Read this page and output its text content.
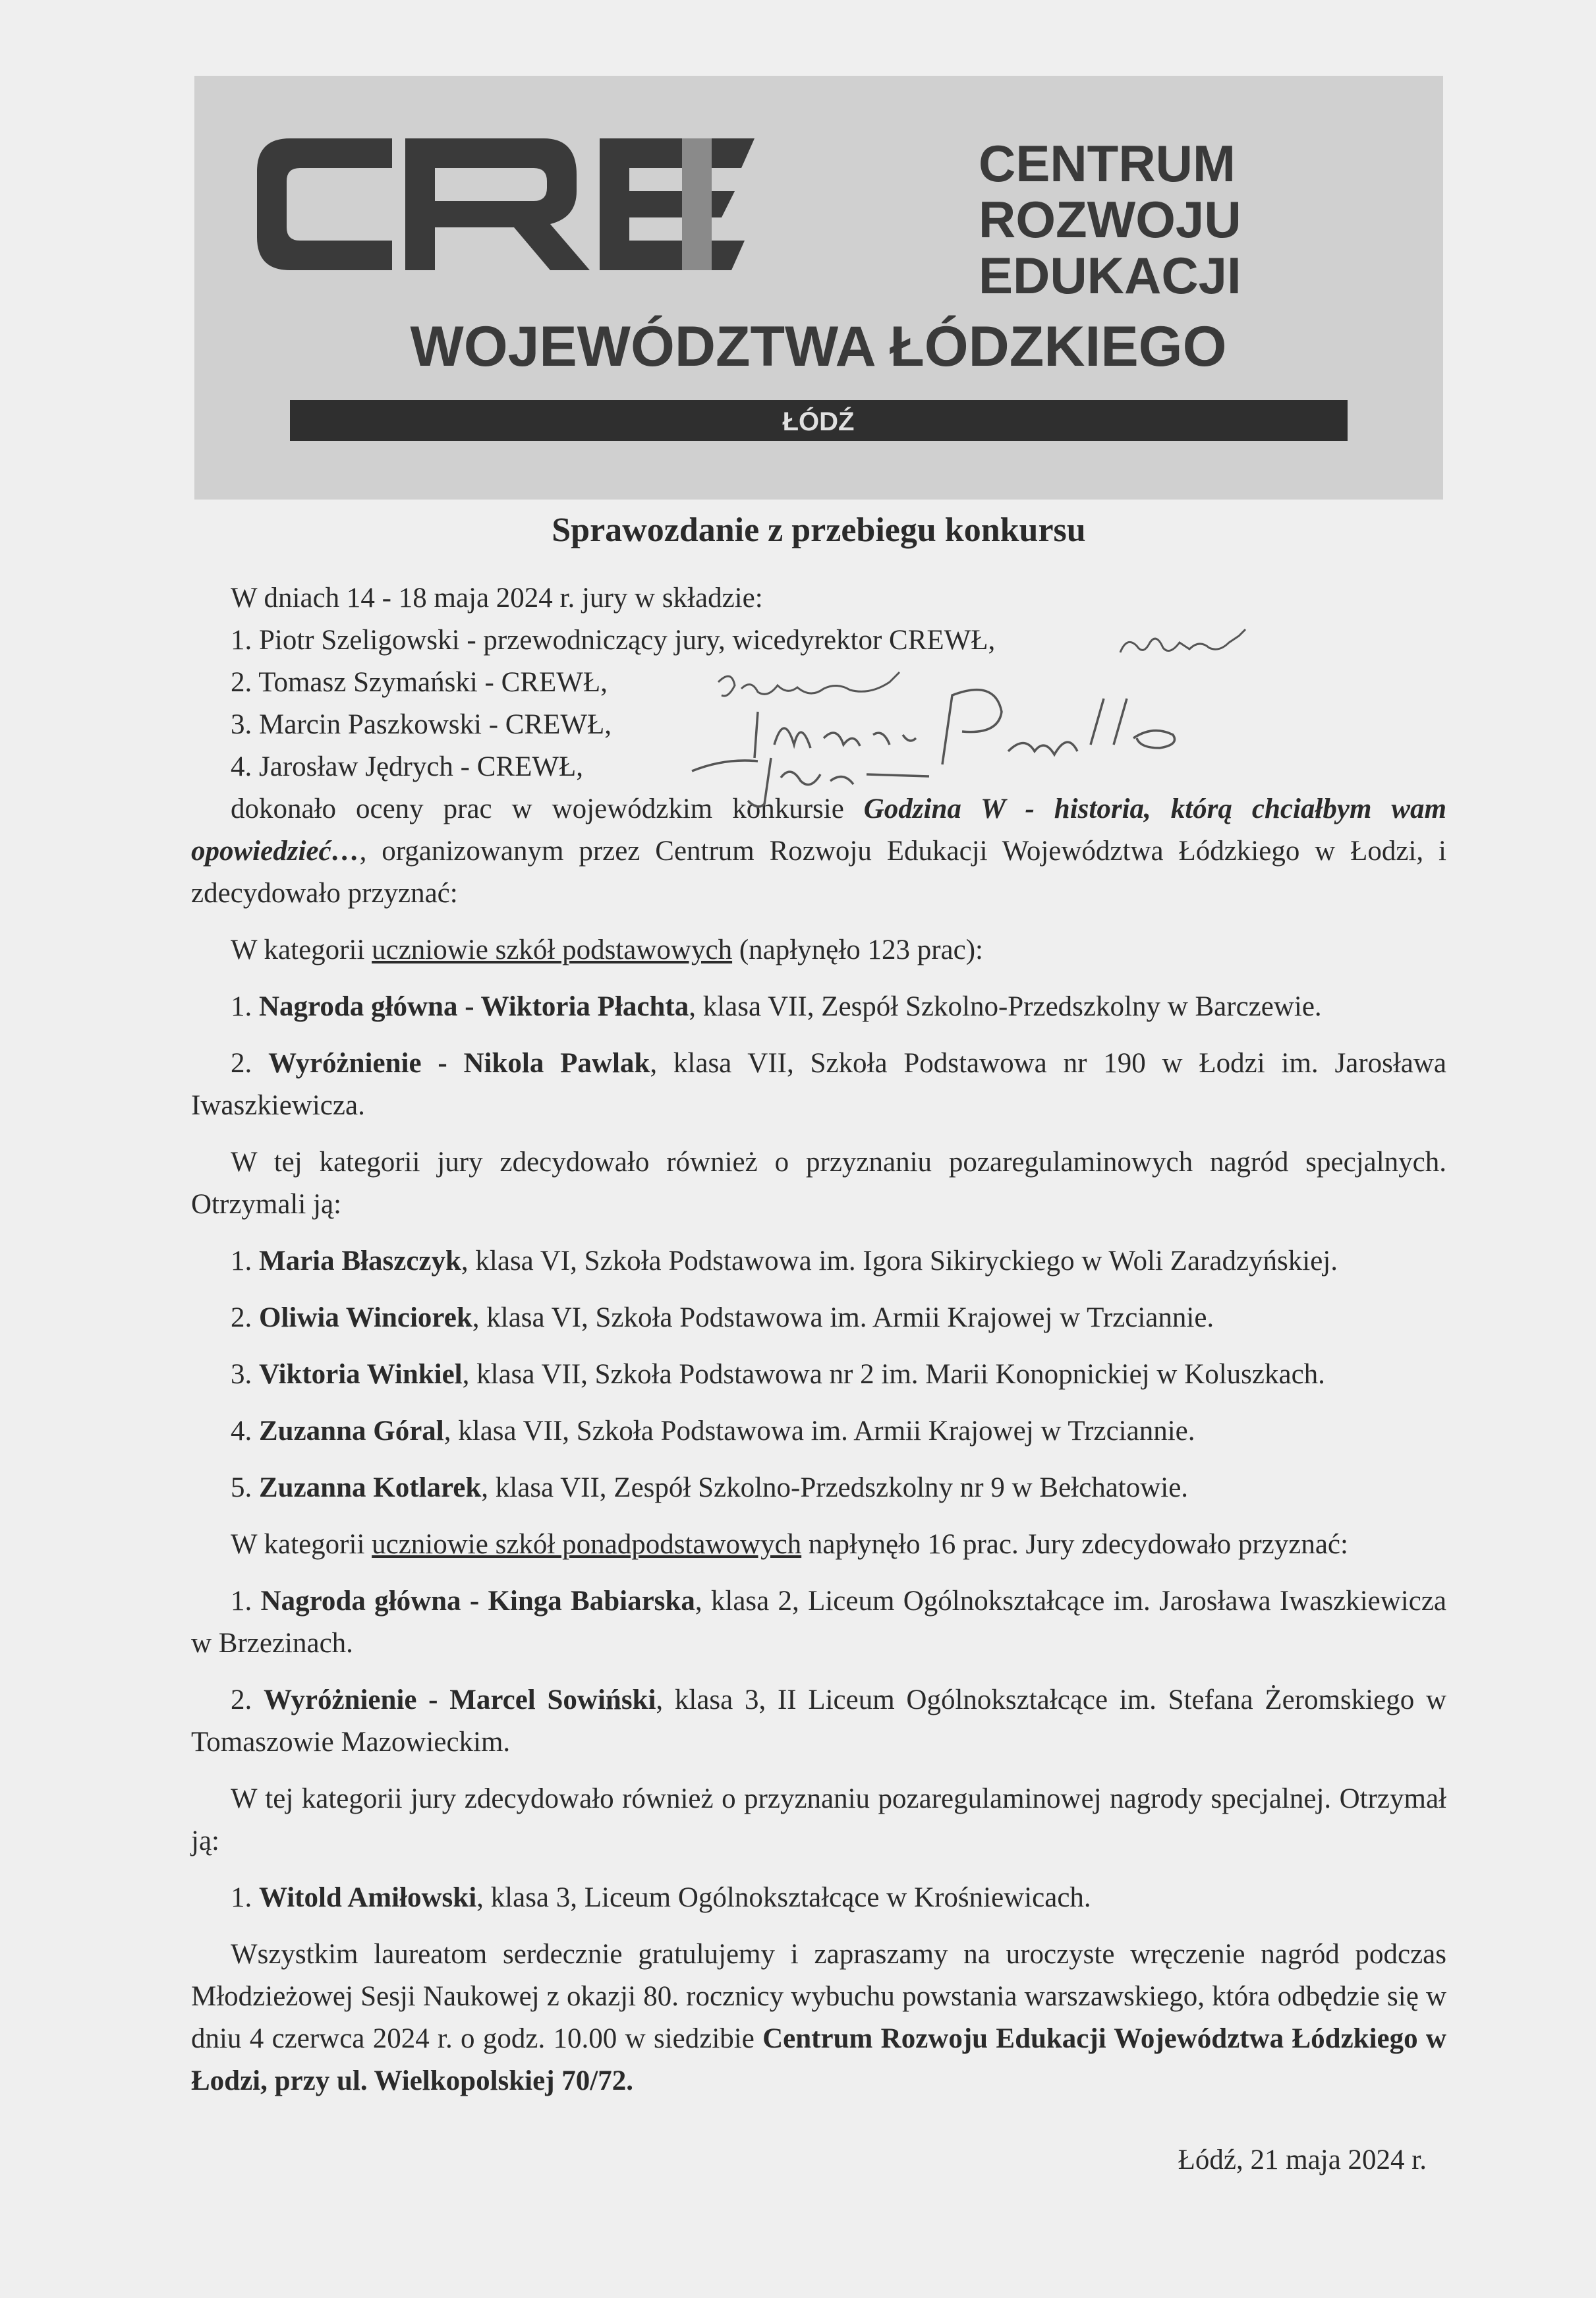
CENTRUM
ROZWOJU
EDUKACJI
WOJEWÓDZTWA ŁÓDZKIEGO
ŁÓDŹ
Sprawozdanie z przebiegu konkursu

W dniach 14 - 18 maja 2024 r. jury w składzie:

1. Piotr Szeligowski - przewodniczący jury, wicedyrektor CREWŁ,
2. Tomasz Szymański - CREWŁ,
3. Marcin Paszkowski - CREWŁ,
4. Jarosław Jędrych - CREWŁ,

dokonało oceny prac w wojewódzkim konkursie Godzina W - historia, którą chciałbym wam opowiedzieć…, organizowanym przez Centrum Rozwoju Edukacji Województwa Łódzkiego w Łodzi, i zdecydowało przyznać:

W kategorii uczniowie szkół podstawowych (napłynęło 123 prac):

1. Nagroda główna - Wiktoria Płachta, klasa VII, Zespół Szkolno-Przedszkolny w Barczewie.

2. Wyróżnienie - Nikola Pawlak, klasa VII, Szkoła Podstawowa nr 190 w Łodzi im. Jarosława Iwaszkiewicza.

W tej kategorii jury zdecydowało również o przyznaniu pozaregulaminowych nagród specjalnych. Otrzymali ją:

1. Maria Błaszczyk, klasa VI, Szkoła Podstawowa im. Igora Sikiryckiego w Woli Zaradzyńskiej.

2. Oliwia Winciorek, klasa VI, Szkoła Podstawowa im. Armii Krajowej w Trzciannie.

3. Viktoria Winkiel, klasa VII, Szkoła Podstawowa nr 2 im. Marii Konopnickiej w Koluszkach.

4. Zuzanna Góral, klasa VII, Szkoła Podstawowa im. Armii Krajowej w Trzciannie.

5. Zuzanna Kotlarek, klasa VII, Zespół Szkolno-Przedszkolny nr 9 w Bełchatowie.

W kategorii uczniowie szkół ponadpodstawowych napłynęło 16 prac. Jury zdecydowało przyznać:

1. Nagroda główna - Kinga Babiarska, klasa 2, Liceum Ogólnokształcące im. Jarosława Iwaszkiewicza w Brzezinach.

2. Wyróżnienie - Marcel Sowiński, klasa 3, II Liceum Ogólnokształcące im. Stefana Żeromskiego w Tomaszowie Mazowieckim.

W tej kategorii jury zdecydowało również o przyznaniu pozaregulaminowej nagrody specjalnej. Otrzymał ją:

1. Witold Amiłowski, klasa 3, Liceum Ogólnokształcące w Krośniewicach.

Wszystkim laureatom serdecznie gratulujemy i zapraszamy na uroczyste wręczenie nagród podczas Młodzieżowej Sesji Naukowej z okazji 80. rocznicy wybuchu powstania warszawskiego, która odbędzie się w dniu 4 czerwca 2024 r. o godz. 10.00 w siedzibie Centrum Rozwoju Edukacji Województwa Łódzkiego w Łodzi, przy ul. Wielkopolskiej 70/72.

Łódź, 21 maja 2024 r.
